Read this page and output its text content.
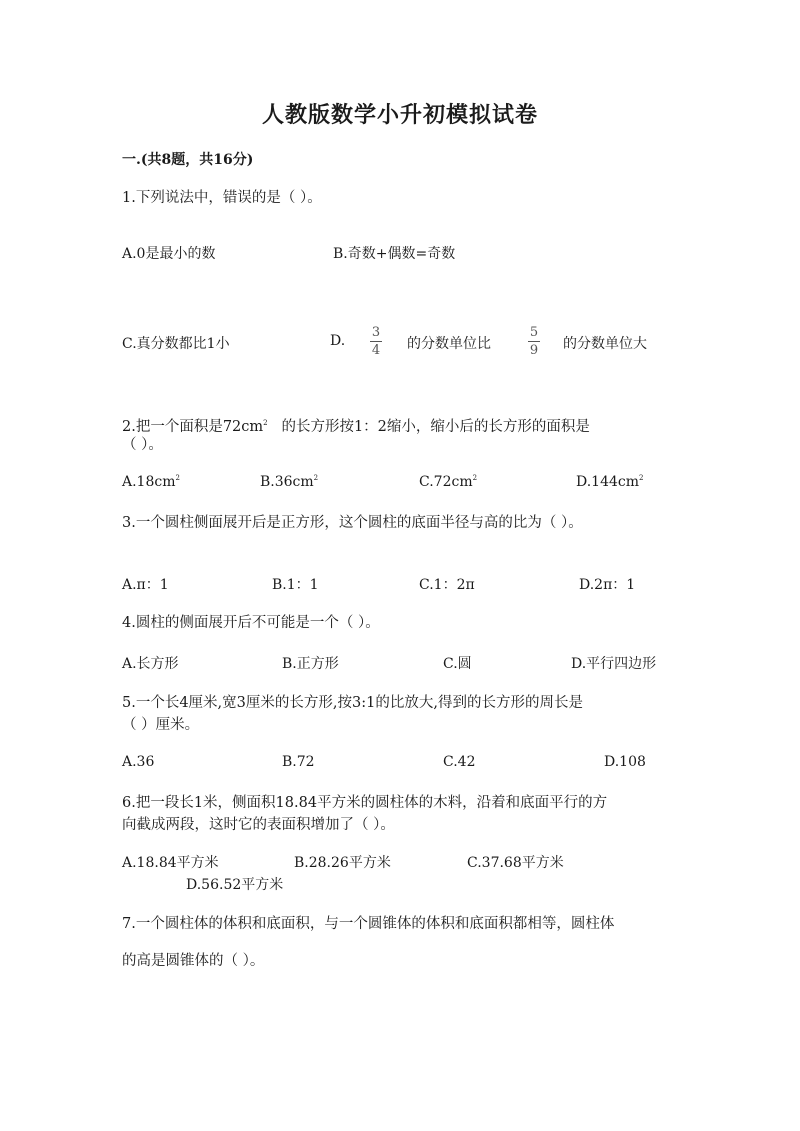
人教版数学小升初模拟试卷
一.(共8题，共16分)
1.下列说法中，错误的是（ ）。
A.0是最小的数	B.奇数+偶数=奇数
C.真分数都比1小	D.
3
4 的分数单位比
5
9 的分数单位大
2.把一个面积是$72cm^2$ 的长方形按1：2缩小，缩小后的长方形的面积是
（ ）。
$A.18cm^2$	$B.36cm^2$	$C.72cm^2$	$D.144cm^2$
3.一个圆柱侧面展开后是正方形，这个圆柱的底面半径与高的比为（ ）。
A.π：1	B.1：1	C.1：2π	D.2π：1
4.圆柱的侧面展开后不可能是一个（ ）。
A.长方形	B.正方形	C.圆	D.平行四边形
5.一个长4厘米,宽3厘米的长方形,按3:1的比放大,得到的长方形的周长是
（ ）厘米。
A.36	B.72	C.42	D.108
6.把一段长1米，侧面积18.84平方米的圆柱体的木料，沿着和底面平行的方
向截成两段，这时它的表面积增加了（ ）。
A.18.84平方米	B.28.26平方米	C.37.68平方米
D.56.52平方米
7.一个圆柱体的体积和底面积，与一个圆锥体的体积和底面积都相等，圆柱体
的高是圆锥体的（ ）。
